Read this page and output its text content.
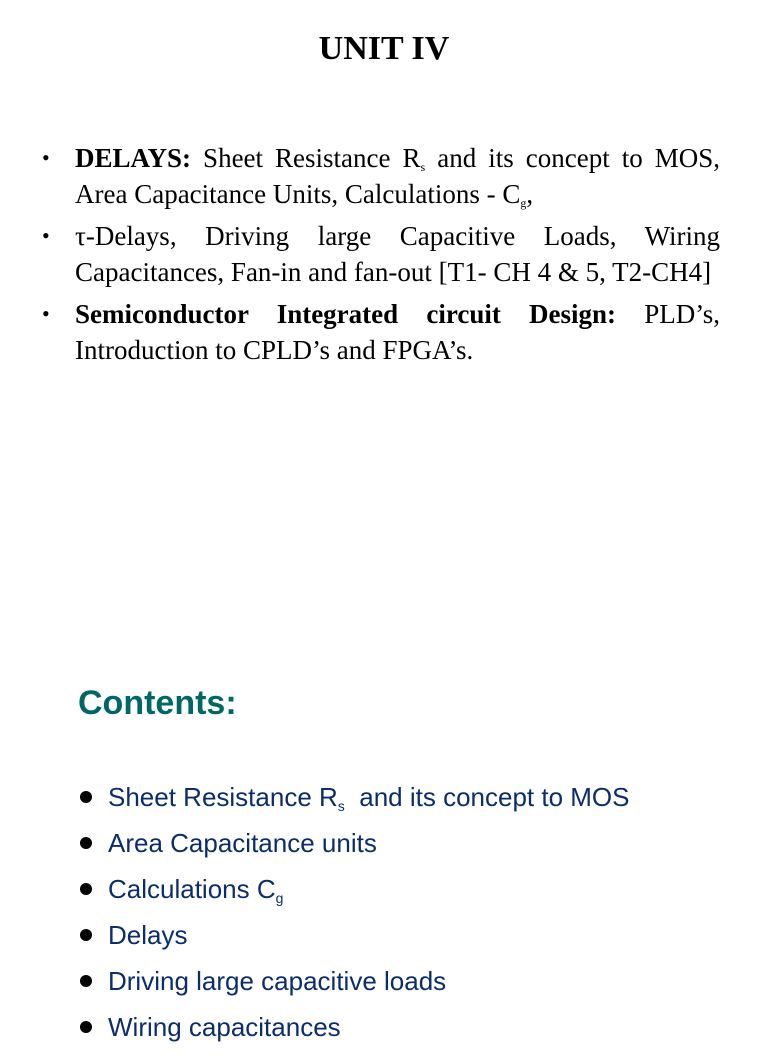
UNIT IV
• DELAYS: Sheet Resistance $R_s$ and its concept to MOS, Area Capacitance Units, Calculations - $C_g$,
• τ-Delays, Driving large Capacitive Loads, Wiring Capacitances, Fan-in and fan-out [T1- CH 4 & 5, T2-CH4]
• Semiconductor Integrated circuit Design: PLD’s, Introduction to CPLD’s and FPGA’s.
Contents:
Sheet Resistance $R_s$  and its concept to MOS
Area Capacitance units
Calculations $C_g$
Delays
Driving large capacitive loads
Wiring capacitances
